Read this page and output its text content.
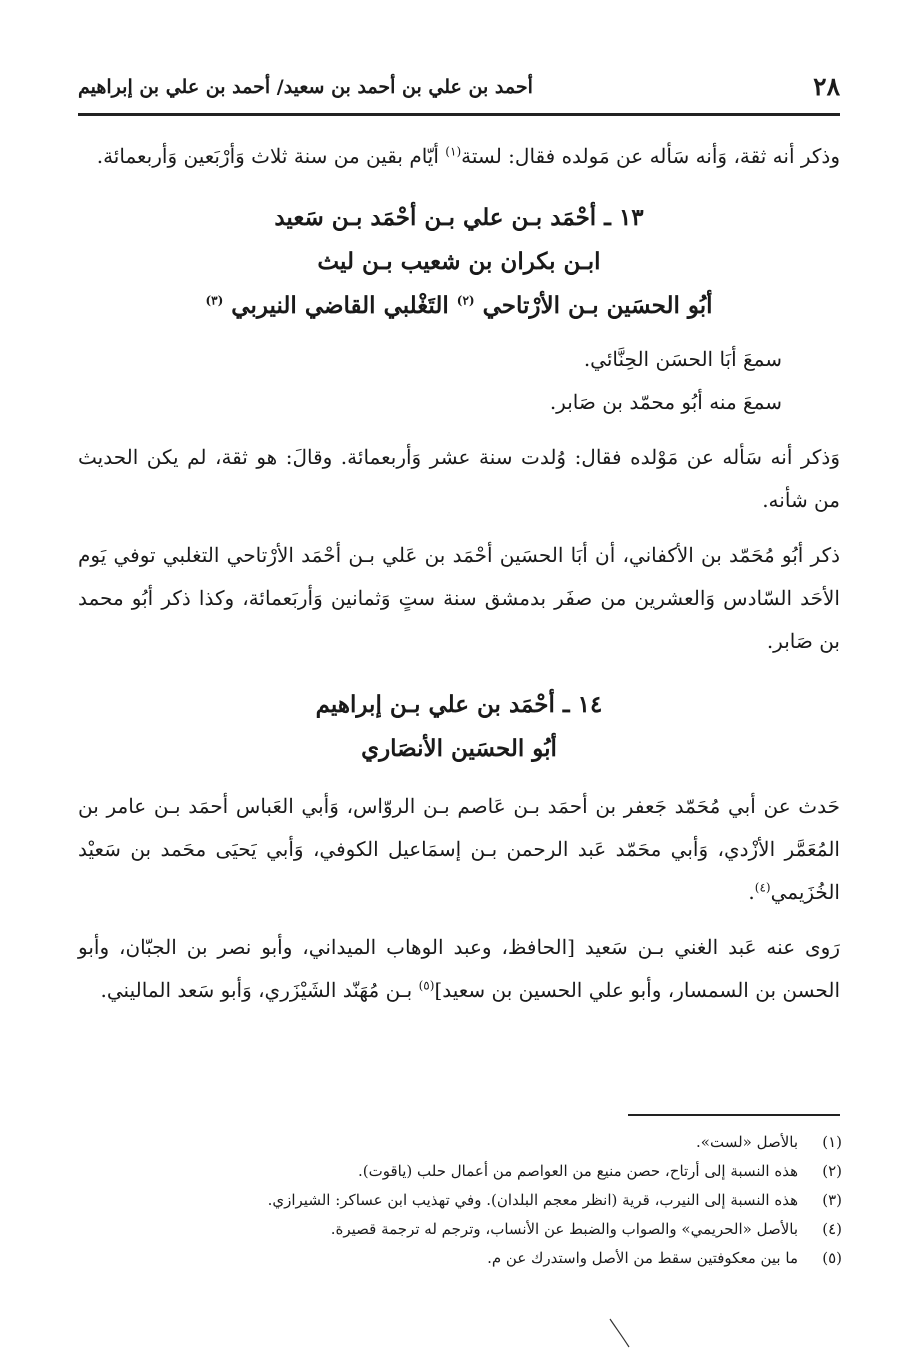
٢٨
أحمد بن علي بن أحمد بن سعيد/ أحمد بن علي بن إبراهيم

وذكر أنه ثقة، وَأنه سَأله عن مَولده فقال: لستة$^{(١)}$ أيّام بقين من سنة ثلاث وَأرْبَعين وَأربعمائة.

١٣ ـ أحْمَد بـن علي بـن أحْمَد بـن سَعيد
ابـن بكران بن شعيب بـن ليث
أبُو الحسَين بـن الأرْتاحي $^{(٢)}$ التَغْلبي القاضي النيربي $^{(٣)}$

سمعَ أبَا الحسَن الحِنَّائي.

سمعَ منه أبُو محمّد بن صَابر.

وَذكر أنه سَأله عن مَوْلده فقال: وُلدت سنة عشر وَأربعمائة. وقالَ: هو ثقة، لم يكن الحديث من شأنه.

ذكر أبُو مُحَمّد بن الأكفاني، أن أبَا الحسَين أحْمَد بن عَلي بـن أحْمَد الأرْتاحي التغلبي توفي يَوم الأحَد السّادس وَالعشرين من صفَر بدمشق سنة ستٍ وَثمانين وَأربَعمائة، وكذا ذكر أبُو محمد بن صَابر.

١٤ ـ أحْمَد بن علي بـن إبراهيم
أبُو الحسَين الأنصَاري

حَدث عن أبي مُحَمّد جَعفر بن أحمَد بـن عَاصم بـن الروّاس، وَأبي العَباس أحمَد بـن عامر بن المُعَمَّر الأزْدي، وَأبي محَمّد عَبد الرحمن بـن إسمَاعيل الكوفي، وَأبي يَحيَى محَمد بن سَعيْد الخُزَيمي$^{(٤)}$.

رَوى عنه عَبد الغني بـن سَعيد [الحافظ، وعبد الوهاب الميداني، وأبو نصر بن الجبّان، وأبو الحسن بن السمسار، وأبو علي الحسين بن سعيد]$^{(٥)}$ بـن مُهَنّد الشَيْزَري، وَأبو سَعد الماليني.

(١)
بالأصل «لست».
(٢)
هذه النسبة إلى أرتاح، حصن منيع من العواصم من أعمال حلب (ياقوت).
(٣)
هذه النسبة إلى النيرب، قرية (انظر معجم البلدان). وفي تهذيب ابن عساكر: الشيرازي.
(٤)
بالأصل «الحريمي» والصواب والضبط عن الأنساب، وترجم له ترجمة قصيرة.
(٥)
ما بين معكوفتين سقط من الأصل واستدرك عن م.
